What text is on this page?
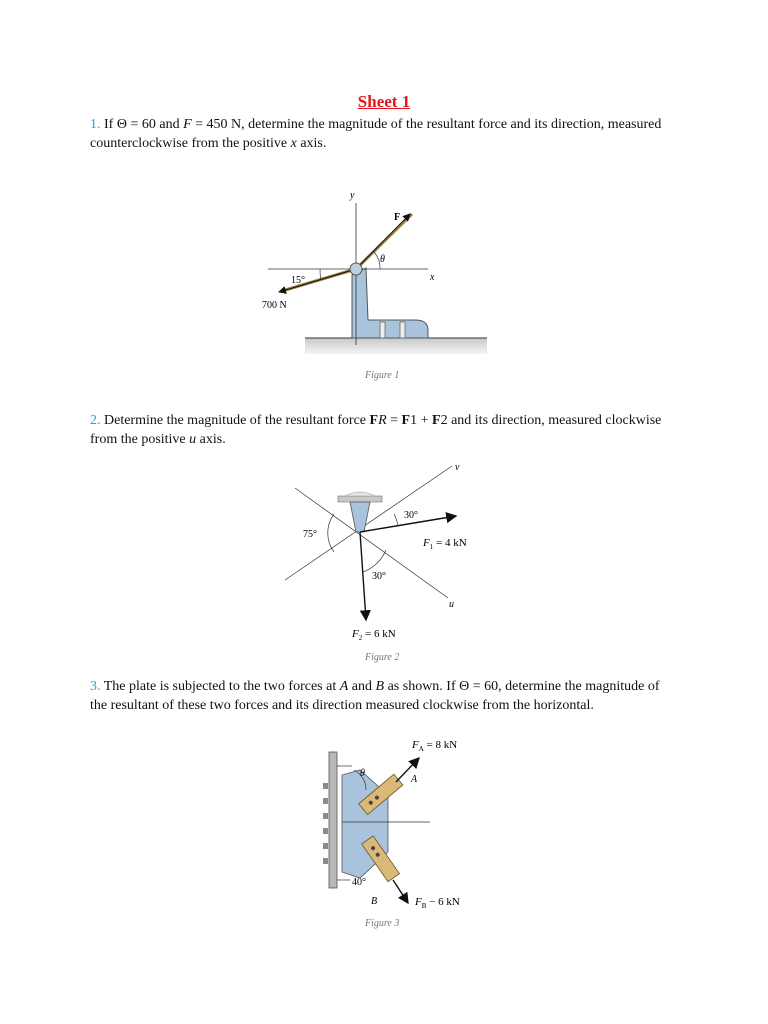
Sheet 1
1. If Θ = 60 and F = 450 N, determine the magnitude of the resultant force and its direction, measured counterclockwise from the positive x axis.
y
F
θ
x
15°
700 N
v
u
30°
75°
30°
$F_1 = 4$ kN
$F_2 = 6$ kN
$F_A = 8$ kN
θ
A
40°
B	$F_B - 6$ kN
Figure 1
2. Determine the magnitude of the resultant force FR = F1 + F2 and its direction, measured clockwise from the positive u axis.
Figure 2
3. The plate is subjected to the two forces at A and B as shown. If Θ = 60, determine the magnitude of the resultant of these two forces and its direction measured clockwise from the horizontal.
Figure 3
